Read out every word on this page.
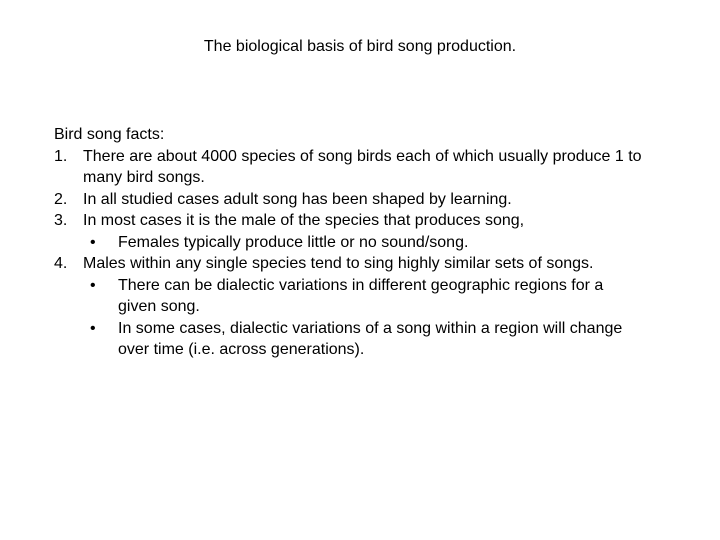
The biological basis of bird song production.
Bird song facts:
1. There are about 4000 species of song birds each of which usually produce 1 to many bird songs.
2. In all studied cases adult song has been shaped by learning.
3. In most cases it is the male of the species that produces song,
• Females typically produce little or no sound/song.
4. Males within any single species tend to sing highly similar sets of songs.
• There can be dialectic variations in different geographic regions for a given song.
• In some cases, dialectic variations of a song within a region will change over time (i.e. across generations).
